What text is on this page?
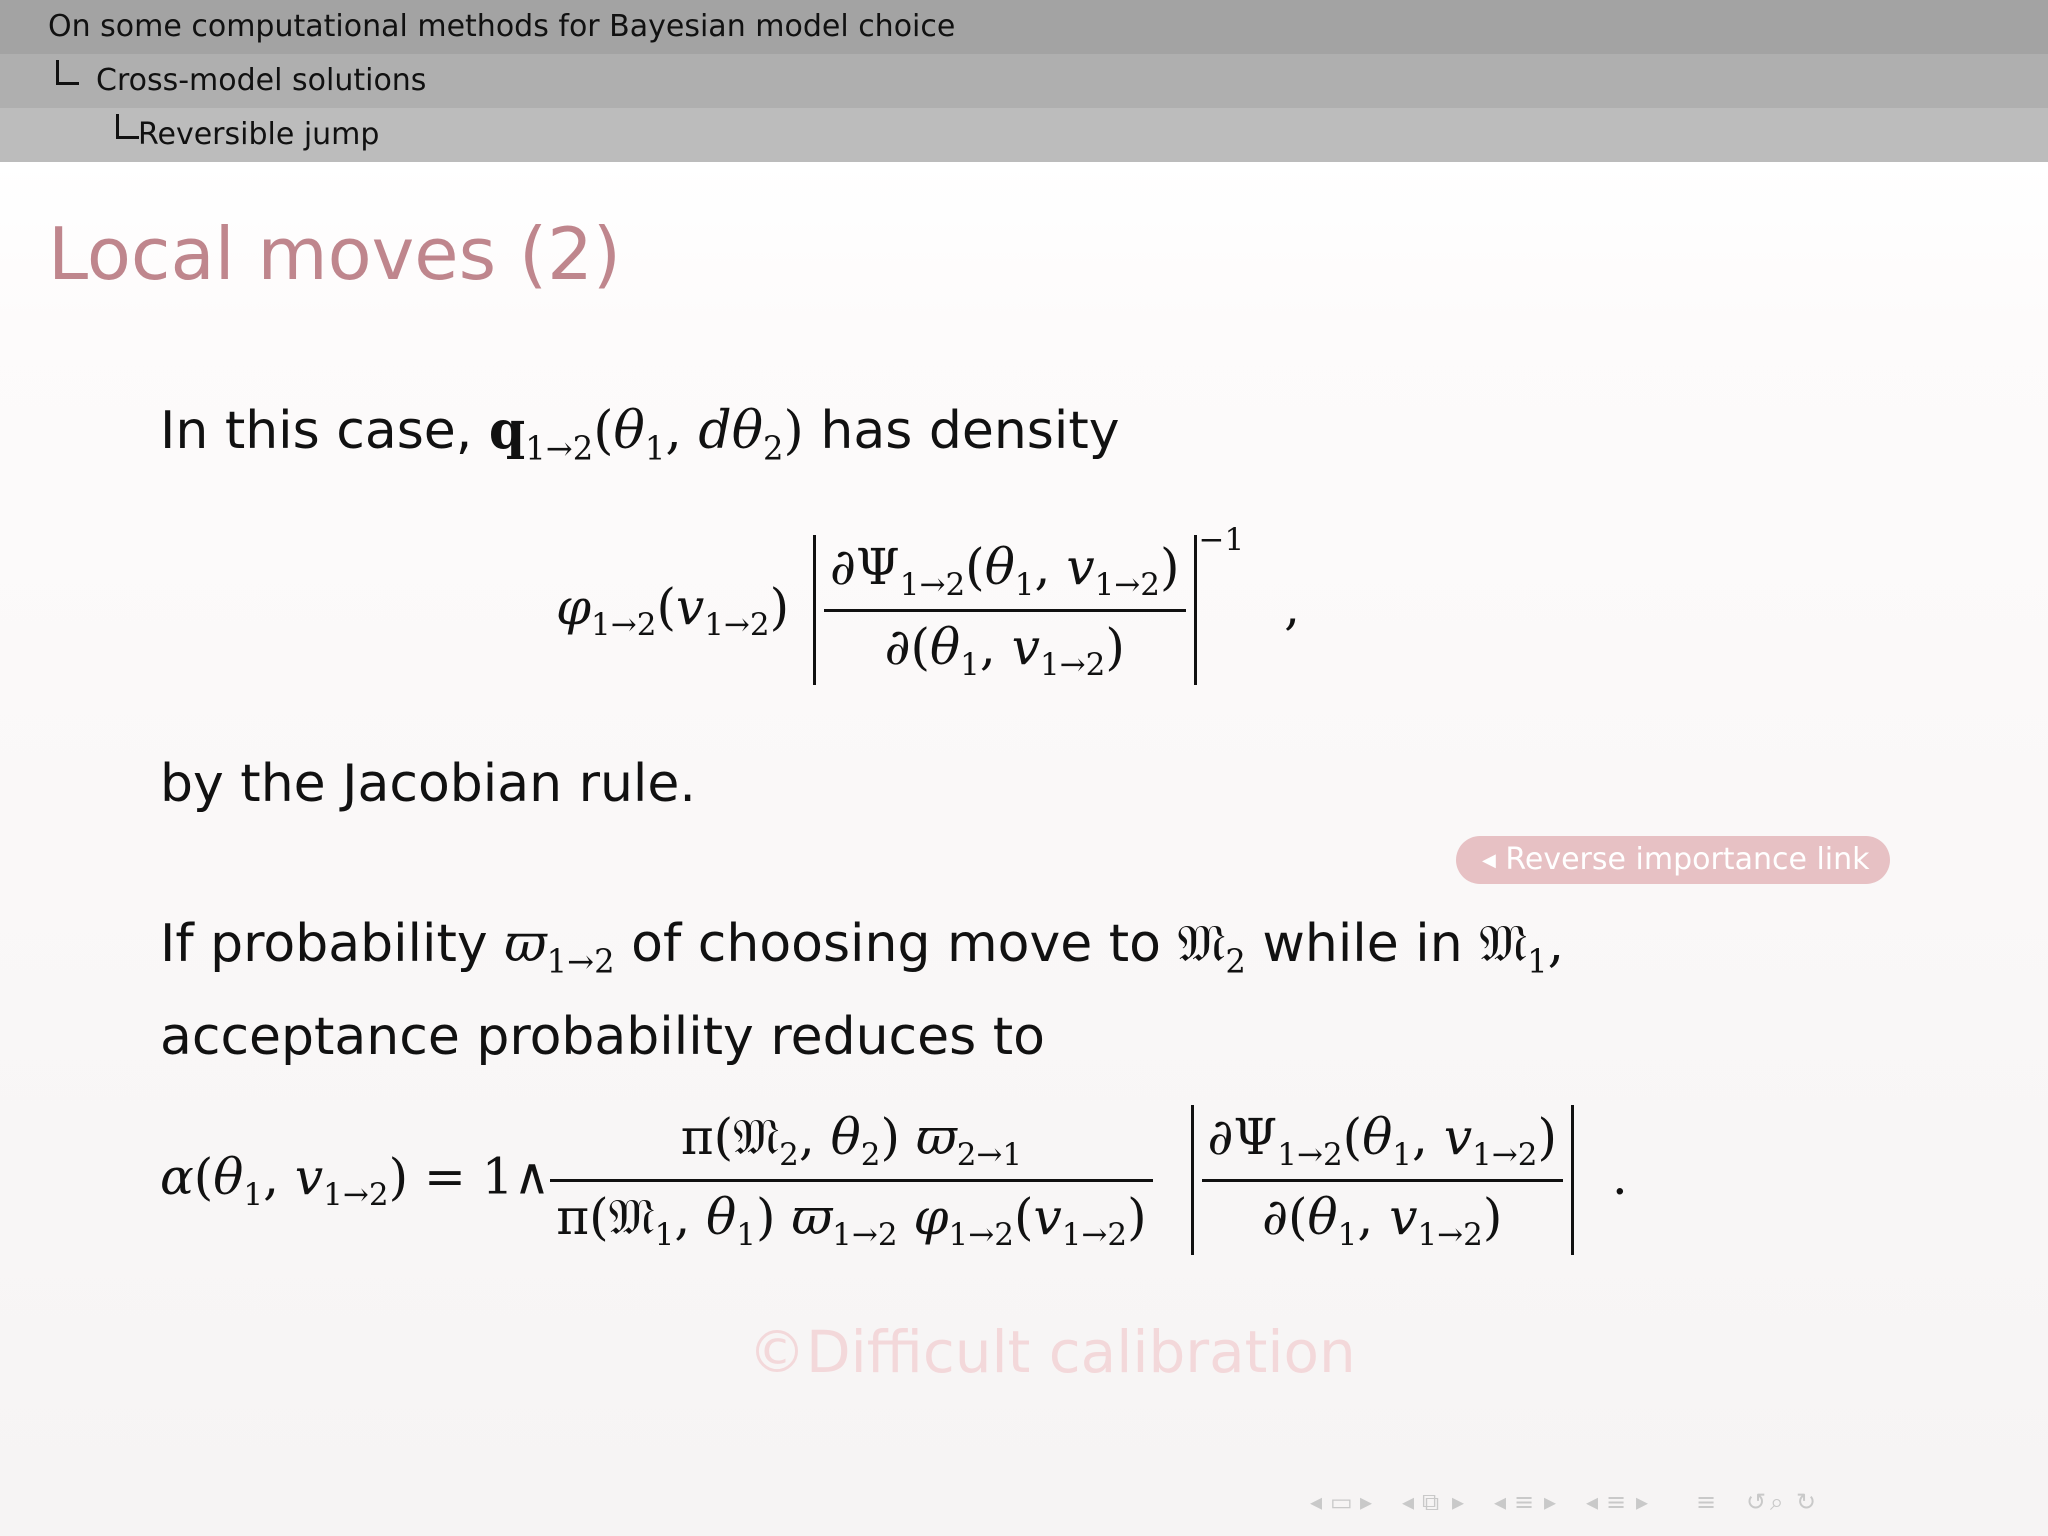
On some computational methods for Bayesian model choice
Cross-model solutions
Reversible jump
Local moves (2)
In this case, $q_{1\to 2}(\theta_1$, $d\theta_2$) has density
$\varphi_{1\to 2}(v_{1\to 2}) \frac{\partial\Psi_{1\to 2}(\theta_1, v_{1\to 2})}{\partial(\theta_1, v_{1\to 2})} ^{-1}$ ,
by the Jacobian rule.
◀ Reverse importance link
If probability $ϖ_{1\to 2}$ of choosing move to 𝔐$_2$ while in 𝔐$_1$,
acceptance probability reduces to
$\alpha(\theta_1$, $v_{1\to 2}$) = 1∧ $\frac{\pi(𝔐_2, \theta_2) ϖ_{2\to 1}}{\pi(𝔐_1, \theta_1) ϖ_{1\to 2} \varphi_{1\to 2}(v_{1\to 2})}$
$\frac{\partial\Psi_{1\to 2}(\theta_1, v_{1\to 2})}{\partial(\theta_1, v_{1\to 2})}$ .
©Difficult calibration
◂ ▭ ▸ ◂ ⧉ ▸ ◂ ≡ ▸ ◂ ≡ ▸ ≡ ↺ ⌕ ↻
